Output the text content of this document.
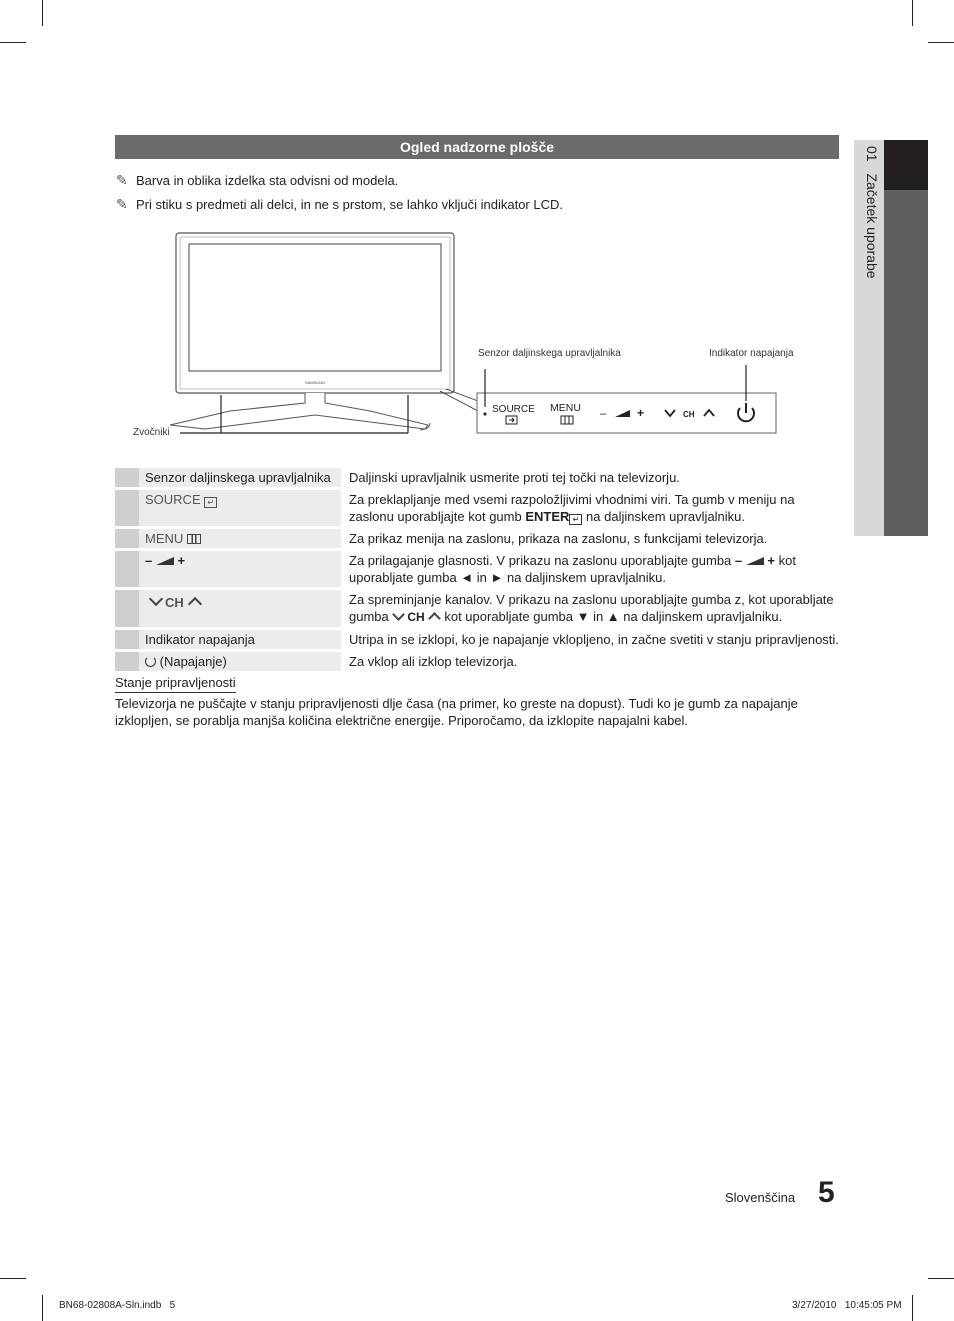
01 Začetek uporabe
Ogled nadzorne plošče
✎ Barva in oblika izdelka sta odvisni od modela.
✎ Pri stiku s predmeti ali delci, in ne s prstom, se lahko vključi indikator LCD.
SAMSUNG
SOURCE MENU –	+	CH
Senzor daljinskega upravljalnika	Indikator napajanja
Zvočniki
Senzor daljinskega upravljalnika	Daljinski upravljalnik usmerite proti tej točki na televizorju.
SOURCE ↵	Za preklapljanje med vsemi razpoložljivimi vhodnimi viri. Ta gumb v meniju na zaslonu uporabljajte kot gumb ENTER ↵ na daljinskem upravljalniku.
MENU	Za prikaz menija na zaslonu, prikaza na zaslonu, s funkcijami televizorja.
– +	Za prilagajanje glasnosti. V prikazu na zaslonu uporabljajte gumba – + kot uporabljate gumba ◄ in ► na daljinskem upravljalniku.
CH	Za spreminjanje kanalov. V prikazu na zaslonu uporabljajte gumba z, kot uporabljate gumba CH kot uporabljate gumba ▼ in ▲ na daljinskem upravljalniku.
Indikator napajanja	Utripa in se izklopi, ko je napajanje vklopljeno, in začne svetiti v stanju pripravljenosti.
(Napajanje)	Za vklop ali izklop televizorja.
Stanje pripravljenosti
Televizorja ne puščajte v stanju pripravljenosti dlje časa (na primer, ko greste na dopust). Tudi ko je gumb za napajanje izklopljen, se porablja manjša količina električne energije. Priporočamo, da izklopite napajalni kabel.
Slovenščina 5
BN68-02808A-Sln.indb   5	3/27/2010   10:45:05 PM
